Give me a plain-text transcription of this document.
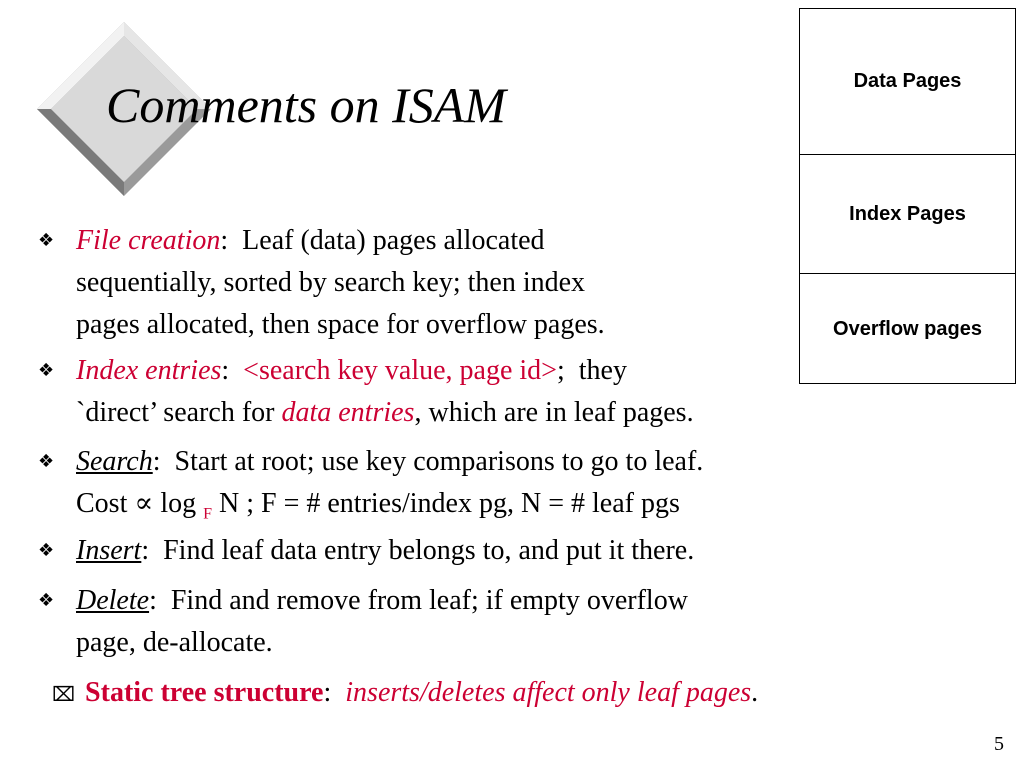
Comments on ISAM	Data Pages
Index Pages
Overflow pages
❖ File creation:  Leaf (data) pages allocated
sequentially, sorted by search key; then index
pages allocated, then space for overflow pages.
❖ Index entries:  <search key value, page id>;  they
`direct’ search for data entries, which are in leaf pages.
❖ Search:  Start at root; use key comparisons to go to leaf.
Cost ∝ log $_F$ N ; F = # entries/index pg, N = # leaf pgs
❖ Insert:  Find leaf data entry belongs to, and put it there.
❖ Delete:  Find and remove from leaf; if empty overflow
page, de-allocate.
⌧ Static tree structure:  inserts/deletes affect only leaf pages.
5
